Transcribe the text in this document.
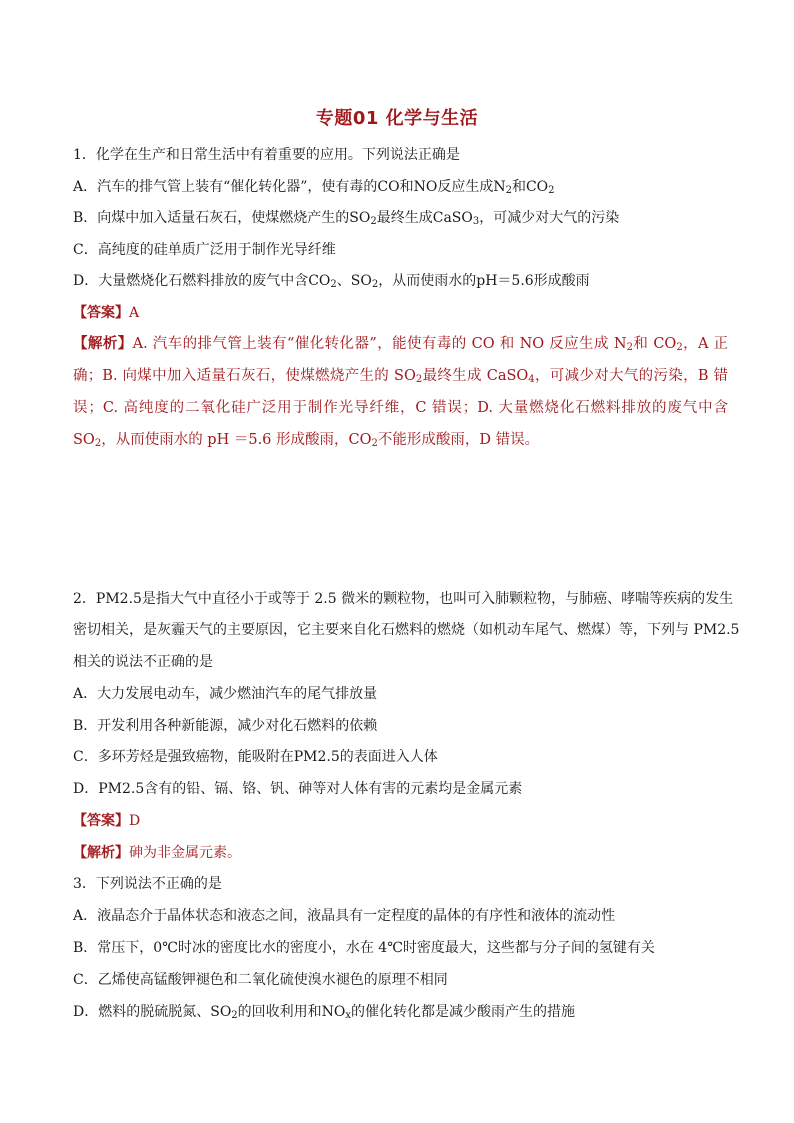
专题01 化学与生活
1．化学在生产和日常生活中有着重要的应用。下列说法正确是
A．汽车的排气管上装有“催化转化器”，使有毒的CO和NO反应生成$N_2$和$CO_2$
B．向煤中加入适量石灰石，使煤燃烧产生的$SO_2$最终生成CaSO$_3$，可减少对大气的污染
C．高纯度的硅单质广泛用于制作光导纤维
D．大量燃烧化石燃料排放的废气中含$CO_2$、$SO_2$，从而使雨水的pH＝5.6形成酸雨
【答案】A
【解析】A. 汽车的排气管上装有“催化转化器”，能使有毒的 CO 和 NO 反应生成 $N_2$和 $CO_2$，A 正确；B. 向煤中加入适量石灰石，使煤燃烧产生的 $SO_2$最终生成 CaSO$_4$，可减少对大气的污染，B 错误；C. 高纯度的二氧化硅广泛用于制作光导纤维，C 错误；D. 大量燃烧化石燃料排放的废气中含 $SO_2$，从而使雨水的 pH ＝5.6 形成酸雨，$CO_2$不能形成酸雨，D 错误。
2．PM2.5是指大气中直径小于或等于 2.5 微米的颗粒物，也叫可入肺颗粒物，与肺癌、哮喘等疾病的发生
密切相关，是灰霾天气的主要原因，它主要来自化石燃料的燃烧（如机动车尾气、燃煤）等，下列与 PM2.5
相关的说法不正确的是
A．大力发展电动车，减少燃油汽车的尾气排放量
B．开发利用各种新能源，减少对化石燃料的依赖
C．多环芳烃是强致癌物，能吸附在PM2.5的表面进入人体
D．PM2.5含有的铅、镉、铬、钒、砷等对人体有害的元素均是金属元素
【答案】D
【解析】砷为非金属元素。
3．下列说法不正确的是
A．液晶态介于晶体状态和液态之间，液晶具有一定程度的晶体的有序性和液体的流动性
B．常压下，0℃时冰的密度比水的密度小，水在 4℃时密度最大，这些都与分子间的氢键有关
C．乙烯使高锰酸钾褪色和二氧化硫使溴水褪色的原理不相同
D．燃料的脱硫脱氮、$SO_2$的回收利用和$NO_x$的催化转化都是减少酸雨产生的措施
